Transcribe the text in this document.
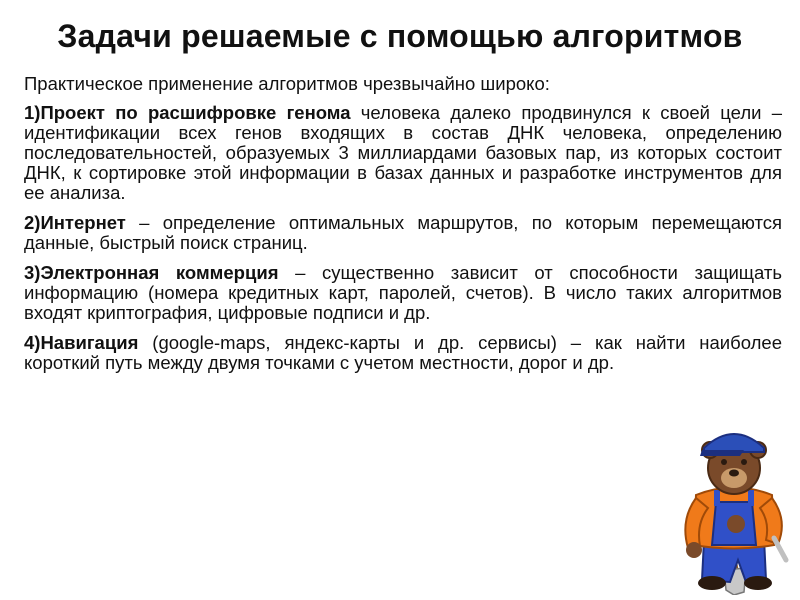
Задачи решаемые с помощью алгоритмов

Практическое применение алгоритмов чрезвычайно широко:

1)Проект по расшифровке генома человека далеко продвинулся к своей цели – идентификации всех генов входящих в состав ДНК человека, определению последовательностей, образуемых 3 миллиардами базовых пар, из которых состоит ДНК, к сортировке этой информации в базах данных и разработке инструментов для ее анализа.

2)Интернет – определение оптимальных маршрутов, по которым перемещаются данные, быстрый поиск страниц.

3)Электронная коммерция – существенно зависит от способности защищать информацию (номера кредитных карт, паролей, счетов). В число таких алгоритмов входят криптография, цифровые подписи и др.

4)Навигация (google-maps, яндекс-карты и др. сервисы) – как найти наиболее короткий путь между двумя точками с учетом местности, дорог и др.
